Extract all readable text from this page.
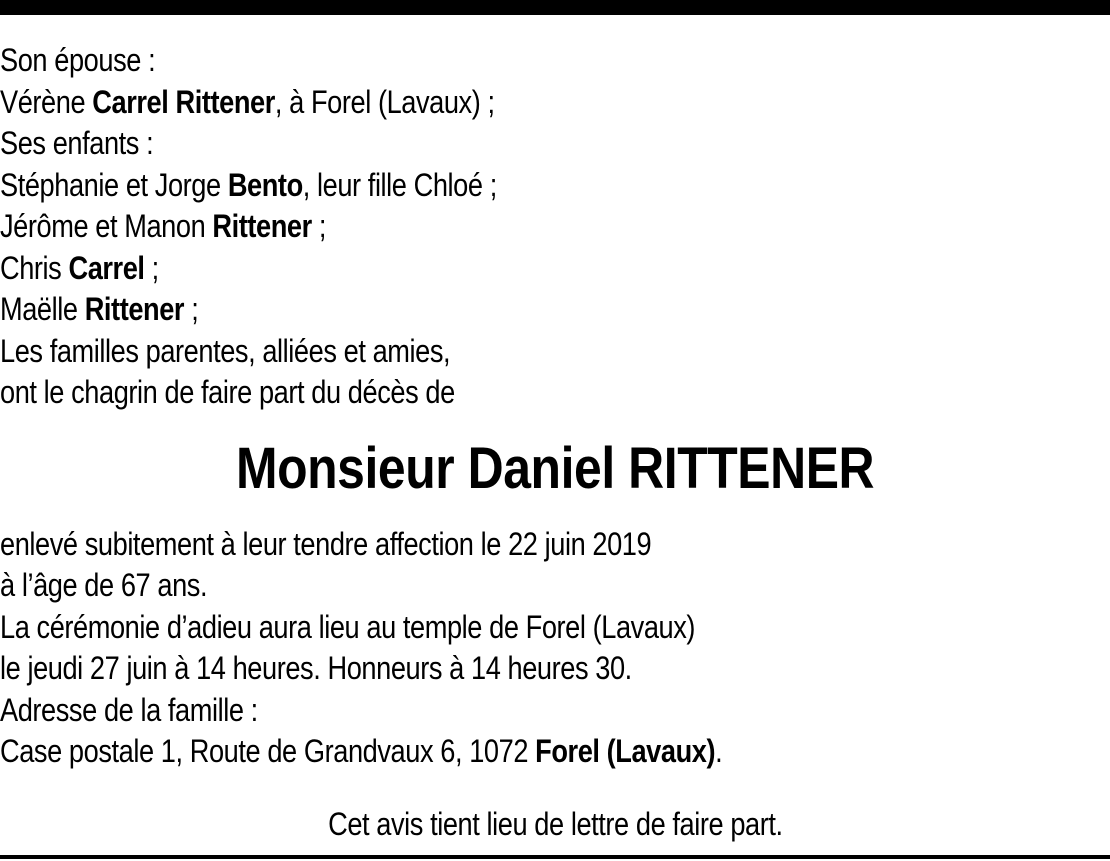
Son épouse :
Vérène Carrel Rittener, à Forel (Lavaux) ;
Ses enfants :
Stéphanie et Jorge Bento, leur fille Chloé ;
Jérôme et Manon Rittener ;
Chris Carrel ;
Maëlle Rittener ;
Les familles parentes, alliées et amies,
ont le chagrin de faire part du décès de
Monsieur Daniel RITTENER
enlevé subitement à leur tendre affection le 22 juin 2019
à l’âge de 67 ans.
La cérémonie d’adieu aura lieu au temple de Forel (Lavaux)
le jeudi 27 juin à 14 heures. Honneurs à 14 heures 30.
Adresse de la famille :
Case postale 1, Route de Grandvaux 6, 1072 Forel (Lavaux).
Cet avis tient lieu de lettre de faire part.
